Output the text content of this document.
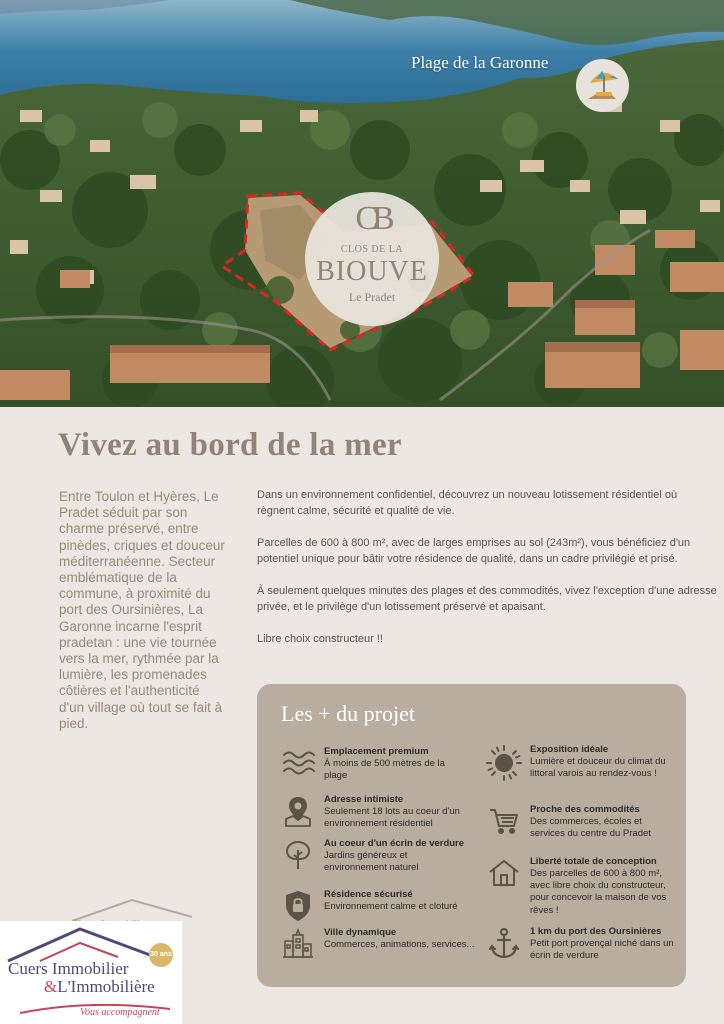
Plage de la Garonne
CB
CLOS DE LA
BIOUVE
Le Pradet
Vivez au bord de la mer
Entre Toulon et Hyères, Le Pradet séduit par son charme préservé, entre pinèdes, criques et douceur méditerranéenne. Secteur emblématique de la commune, à proximité du port des Oursinières, La Garonne incarne l'esprit pradetan : une vie tournée vers la mer, rythmée par la lumière, les promenades côtières et l'authenticité d'un village où tout se fait à pied.

Dans un environnement confidentiel, découvrez un nouveau lotissement résidentiel où règnent calme, sécurité et qualité de vie.

Parcelles de 600 à 800 m², avec de larges emprises au sol (243m²), vous bénéficiez d'un potentiel unique pour bâtir votre résidence de qualité, dans un cadre privilégié et prisé.

À seulement quelques minutes des plages et des commodités, vivez l'exception d'une adresse privée, et le privilège d'un lotissement préservé et apaisant.

Libre choix constructeur !!

Les + du projet
Emplacement premium
À moins de 500 mètres de la plage
Adresse intimiste
Seulement 18 lots au coeur d'un environnement résidentiel
Au coeur d'un écrin de verdure
Jardins généreux et environnement naturel
Résidence sécurisé
Environnement calme et cloturé
Ville dynamique
Commerces, animations, services...
Exposition idéale
Lumière et douceur du climat du littoral varois au rendez-vous !
Proche des commodités
Des commerces, écoles et services du centre du Pradet
Liberté totale de conception
Des parcelles de 600 à 800 m², avec libre choix du constructeur, pour concevoir la maison de vos rêves !
1 km du port des Oursinières
Petit port provençal niché dans un écrin de verdure
30 ans
Cuers Immobilier
&L'Immobilière
Vous accompagnent
